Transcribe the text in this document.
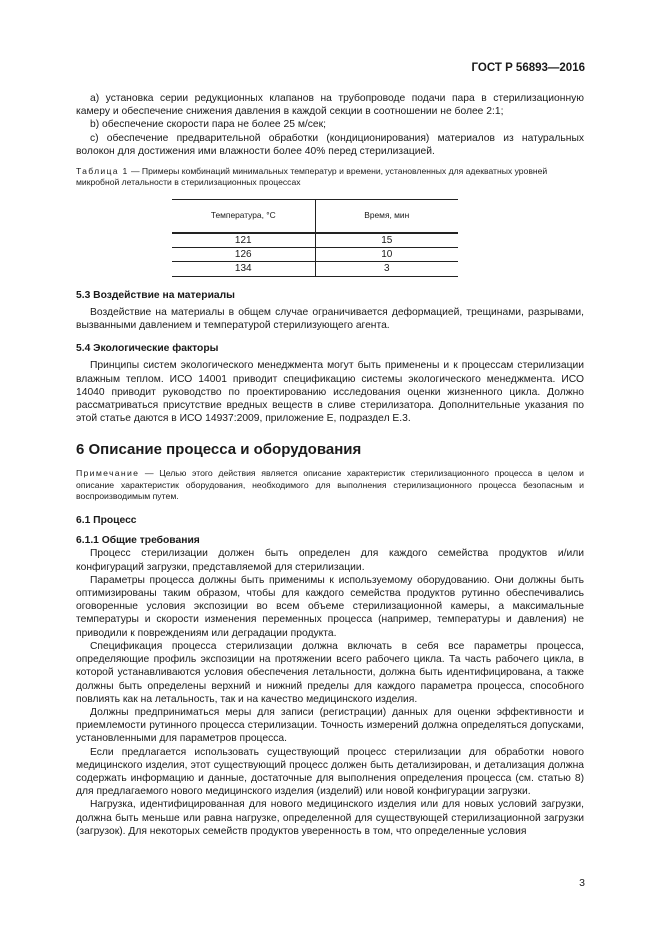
ГОСТ Р 56893—2016

а) установка серии редукционных клапанов на трубопроводе подачи пара в стерилизационную камеру и обеспечение снижения давления в каждой секции в соотношении не более 2:1;

b) обеспечение скорости пара не более 25 м/сек;

c) обеспечение предварительной обработки (кондиционирования) материалов из натуральных волокон для достижения ими влажности более 40% перед стерилизацией.

Таблица 1 — Примеры комбинаций минимальных температур и времени, установленных для адекватных уровней микробной летальности в стерилизационных процессах

Температура, °С	Время, мин
121	15
126	10
134	3
5.3 Воздействие на материалы

Воздействие на материалы в общем случае ограничивается деформацией, трещинами, разрывами, вызванными давлением и температурой стерилизующего агента.

5.4 Экологические факторы

Принципы систем экологического менеджмента могут быть применены и к процессам стерилизации влажным теплом. ИСО 14001 приводит спецификацию системы экологического менеджмента. ИСО 14040 приводит руководство по проектированию исследования оценки жизненного цикла. Должно рассматриваться присутствие вредных веществ в сливе стерилизатора. Дополнительные указания по этой статье даются в ИСО 14937:2009, приложение Е, подраздел Е.3.

6 Описание процесса и оборудования

Примечание — Целью этого действия является описание характеристик стерилизационного процесса в целом и описание характеристик оборудования, необходимого для выполнения стерилизационного процесса безопасным и воспроизводимым путем.

6.1 Процесс
6.1.1 Общие требования

Процесс стерилизации должен быть определен для каждого семейства продуктов и/или конфигураций загрузки, представляемой для стерилизации.

Параметры процесса должны быть применимы к используемому оборудованию. Они должны быть оптимизированы таким образом, чтобы для каждого семейства продуктов рутинно обеспечивались оговоренные условия экспозиции во всем объеме стерилизационной камеры, а максимальные температуры и скорости изменения переменных процесса (например, температуры и давления) не приводили к повреждениям или деградации продукта.

Спецификация процесса стерилизации должна включать в себя все параметры процесса, определяющие профиль экспозиции на протяжении всего рабочего цикла. Та часть рабочего цикла, в которой устанавливаются условия обеспечения летальности, должна быть идентифицирована, а также должны быть определены верхний и нижний пределы для каждого параметра процесса, способного повлиять как на летальность, так и на качество медицинского изделия.

Должны предприниматься меры для записи (регистрации) данных для оценки эффективности и приемлемости рутинного процесса стерилизации. Точность измерений должна определяться допусками, установленными для параметров процесса.

Если предлагается использовать существующий процесс стерилизации для обработки нового медицинского изделия, этот существующий процесс должен быть детализирован, и детализация должна содержать информацию и данные, достаточные для выполнения определения процесса (см. статью 8) для предлагаемого нового медицинского изделия (изделий) или новой конфигурации загрузки.

Нагрузка, идентифицированная для нового медицинского изделия или для новых условий загрузки, должна быть меньше или равна нагрузке, определенной для существующей стерилизационной загрузки (загрузок). Для некоторых семейств продуктов уверенность в том, что определенные условия

3
